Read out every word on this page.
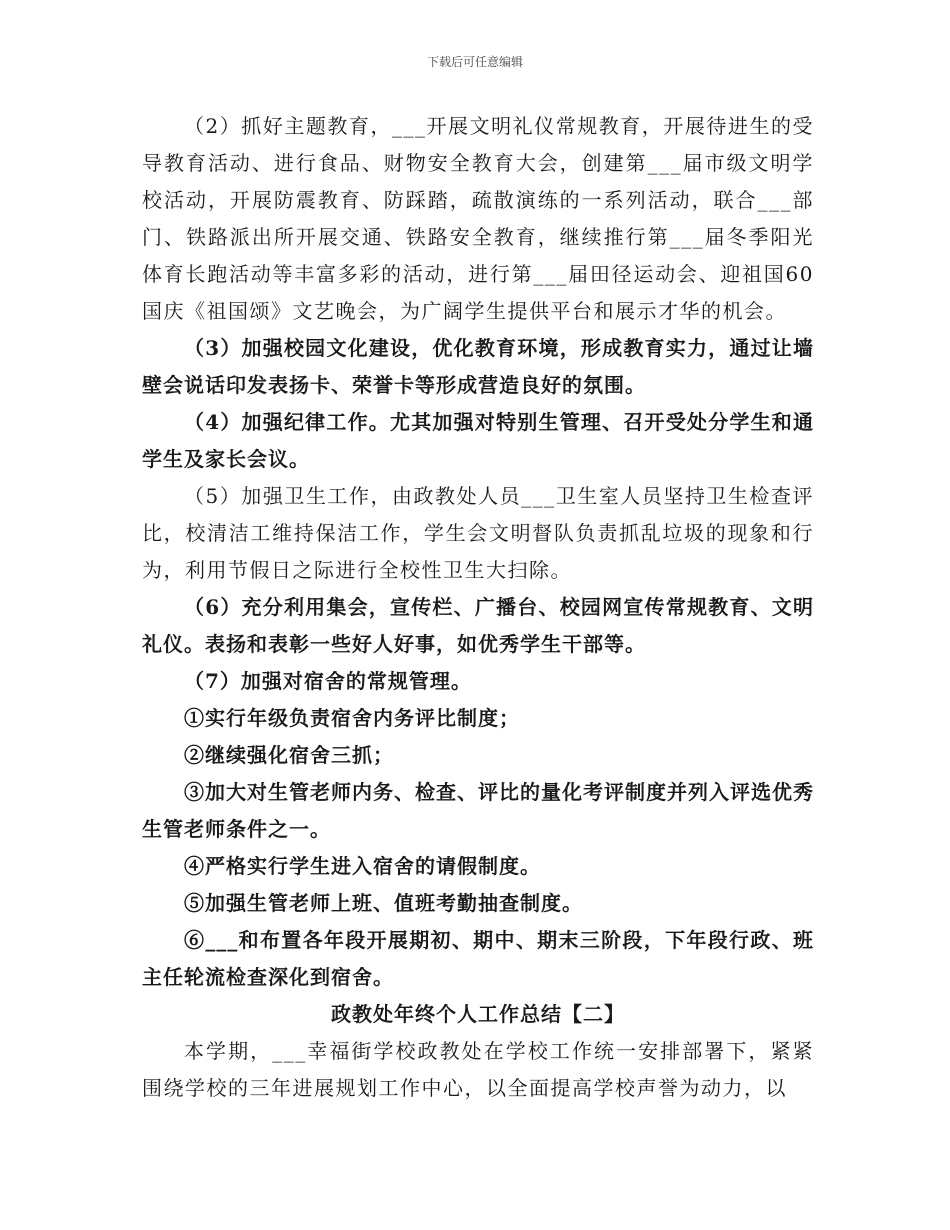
下载后可任意编辑

（2）抓好主题教育，___开展文明礼仪常规教育，开展待进生的受导教育活动、进行食品、财物安全教育大会，创建第___届市级文明学校活动，开展防震教育、防踩踏，疏散演练的一系列活动，联合___部门、铁路派出所开展交通、铁路安全教育，继续推行第___届冬季阳光体育长跑活动等丰富多彩的活动，进行第___届田径运动会、迎祖国60国庆《祖国颂》文艺晚会，为广阔学生提供平台和展示才华的机会。

（3）加强校园文化建设，优化教育环境，形成教育实力，通过让墙壁会说话印发表扬卡、荣誉卡等形成营造良好的氛围。

（4）加强纪律工作。尤其加强对特别生管理、召开受处分学生和通学生及家长会议。

（5）加强卫生工作，由政教处人员___卫生室人员坚持卫生检查评比，校清洁工维持保洁工作，学生会文明督队负责抓乱垃圾的现象和行为，利用节假日之际进行全校性卫生大扫除。

（6）充分利用集会，宣传栏、广播台、校园网宣传常规教育、文明礼仪。表扬和表彰一些好人好事，如优秀学生干部等。

（7）加强对宿舍的常规管理。

①实行年级负责宿舍内务评比制度；

②继续强化宿舍三抓；

③加大对生管老师内务、检查、评比的量化考评制度并列入评选优秀生管老师条件之一。

④严格实行学生进入宿舍的请假制度。

⑤加强生管老师上班、值班考勤抽查制度。

⑥___和布置各年段开展期初、期中、期末三阶段，下年段行政、班主任轮流检查深化到宿舍。

政教处年终个人工作总结【二】

本学期，___幸福街学校政教处在学校工作统一安排部署下，紧紧围绕学校的三年进展规划工作中心，以全面提高学校声誉为动力，以
